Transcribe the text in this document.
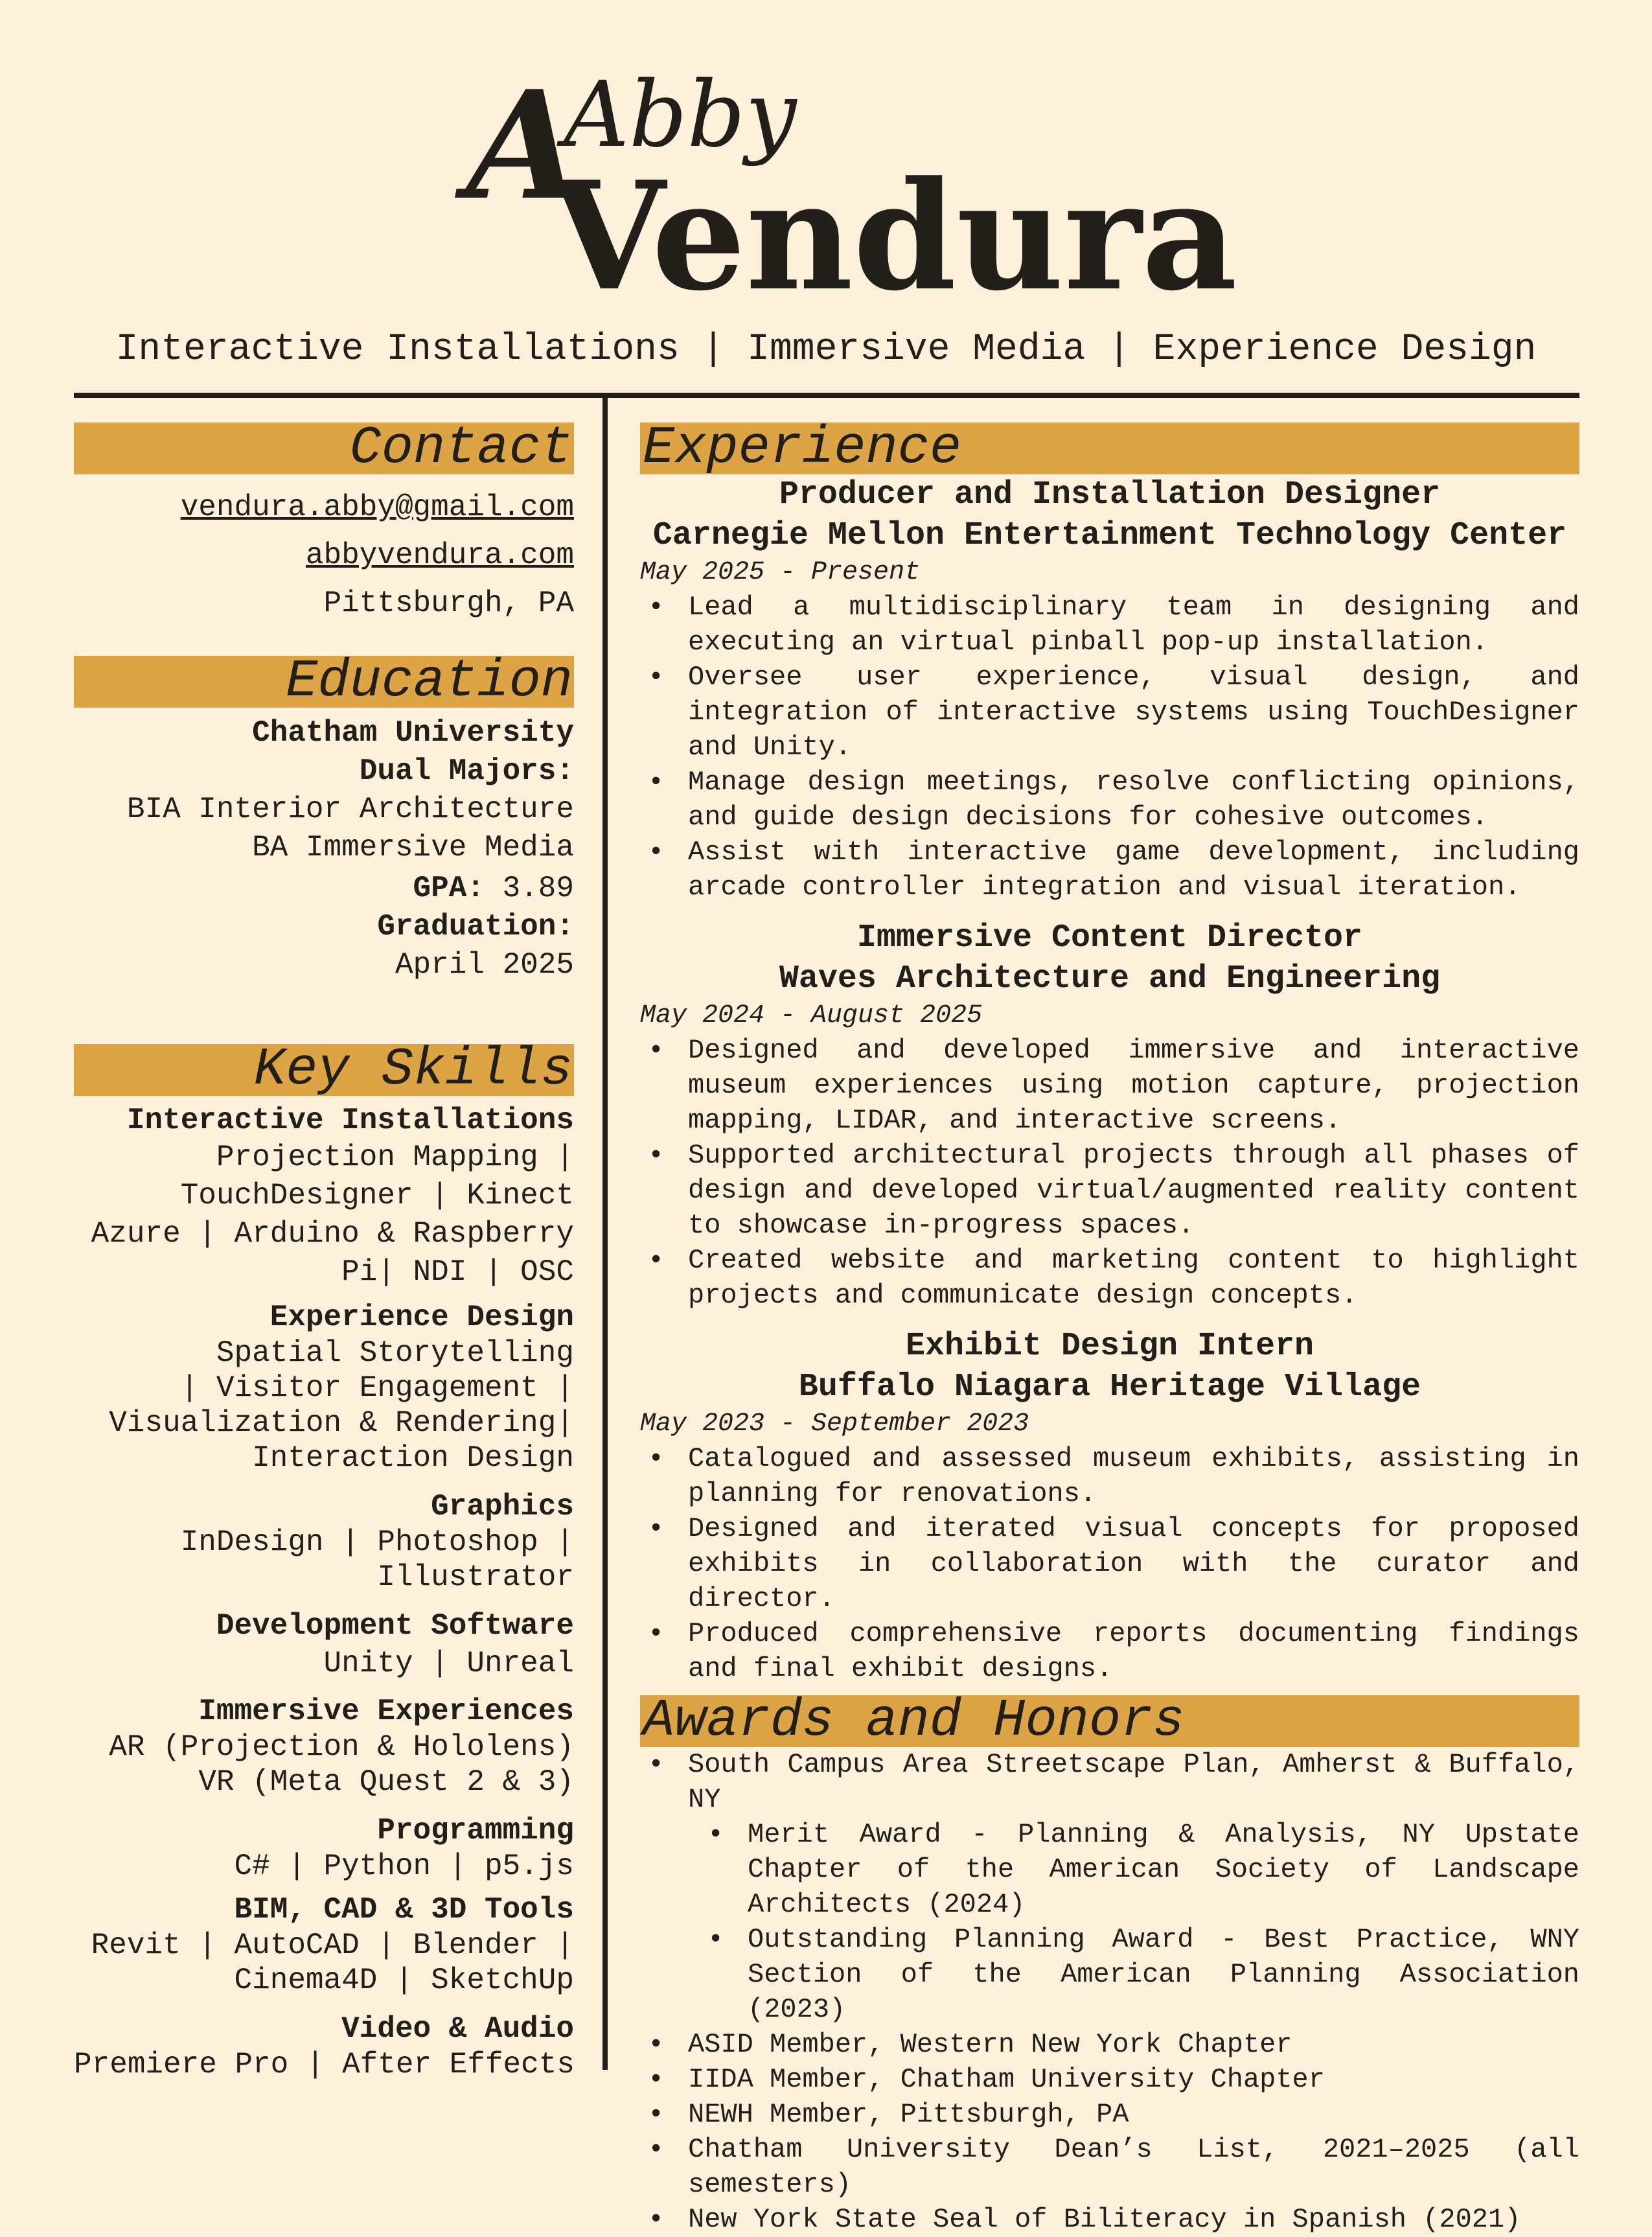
A
Abby
Vendura
Interactive Installations | Immersive Media | Experience Design
Contact
vendura.abby@gmail.com
abbyvendura.com
Pittsburgh, PA
Education
Chatham University
Dual Majors:
BIA Interior Architecture
BA Immersive Media
GPA: 3.89
Graduation:
April 2025
Key Skills
Interactive Installations
Projection Mapping |
TouchDesigner | Kinect
Azure | Arduino & Raspberry
Pi| NDI | OSC
Experience Design
Spatial Storytelling
| Visitor Engagement |
Visualization & Rendering|
Interaction Design
Graphics
InDesign | Photoshop |
Illustrator
Development Software
Unity | Unreal
Immersive Experiences
AR (Projection & Hololens)
VR (Meta Quest 2 & 3)
Programming
C# | Python | p5.js
BIM, CAD & 3D Tools
Revit | AutoCAD | Blender |
Cinema4D | SketchUp
Video & Audio
Premiere Pro | After Effects
Experience
Producer and Installation Designer
Carnegie Mellon Entertainment Technology Center
May 2025 - Present
• Lead a multidisciplinary team in designing and executing an virtual pinball pop-up installation.
• Oversee user experience, visual design, and integration of interactive systems using TouchDesigner and Unity.
• Manage design meetings, resolve conflicting opinions, and guide design decisions for cohesive outcomes.
• Assist with interactive game development, including arcade controller integration and visual iteration.
Immersive Content Director
Waves Architecture and Engineering
May 2024 - August 2025
• Designed and developed immersive and interactive museum experiences using motion capture, projection mapping, LIDAR, and interactive screens.
• Supported architectural projects through all phases of design and developed virtual/augmented reality content to showcase in-progress spaces.
• Created website and marketing content to highlight projects and communicate design concepts.
Exhibit Design Intern
Buffalo Niagara Heritage Village
May 2023 - September 2023
• Catalogued and assessed museum exhibits, assisting in planning for renovations.
• Designed and iterated visual concepts for proposed exhibits in collaboration with the curator and director.
• Produced comprehensive reports documenting findings and final exhibit designs.
Awards and Honors
• South Campus Area Streetscape Plan, Amherst & Buffalo, NY
• Merit Award - Planning & Analysis, NY Upstate Chapter of the American Society of Landscape Architects (2024)
• Outstanding Planning Award - Best Practice, WNY Section of the American Planning Association (2023)
• ASID Member, Western New York Chapter
• IIDA Member, Chatham University Chapter
• NEWH Member, Pittsburgh, PA
• Chatham University Dean’s List, 2021–2025 (all semesters)
• New York State Seal of Biliteracy in Spanish (2021)
